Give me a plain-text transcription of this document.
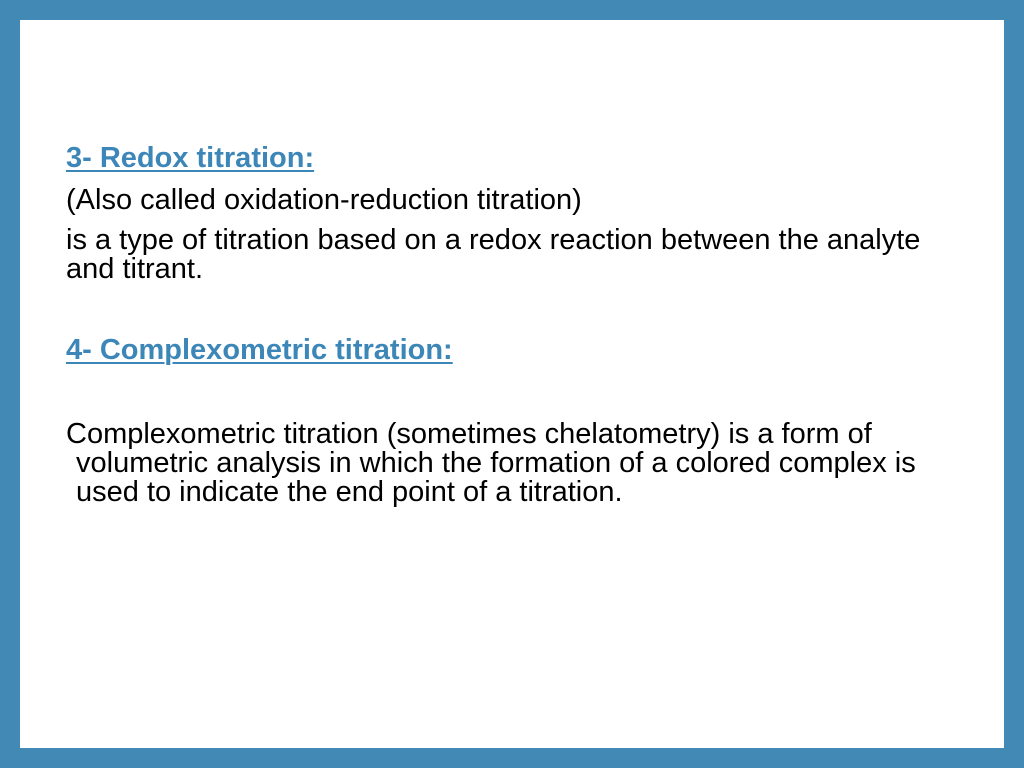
3- Redox titration:

(Also called oxidation-reduction titration)

is a type of titration based on a redox reaction between the analyte and titrant.

4- Complexometric titration:

Complexometric titration (sometimes chelatometry) is a form of volumetric analysis in which the formation of a colored complex is used to indicate the end point of a titration.
